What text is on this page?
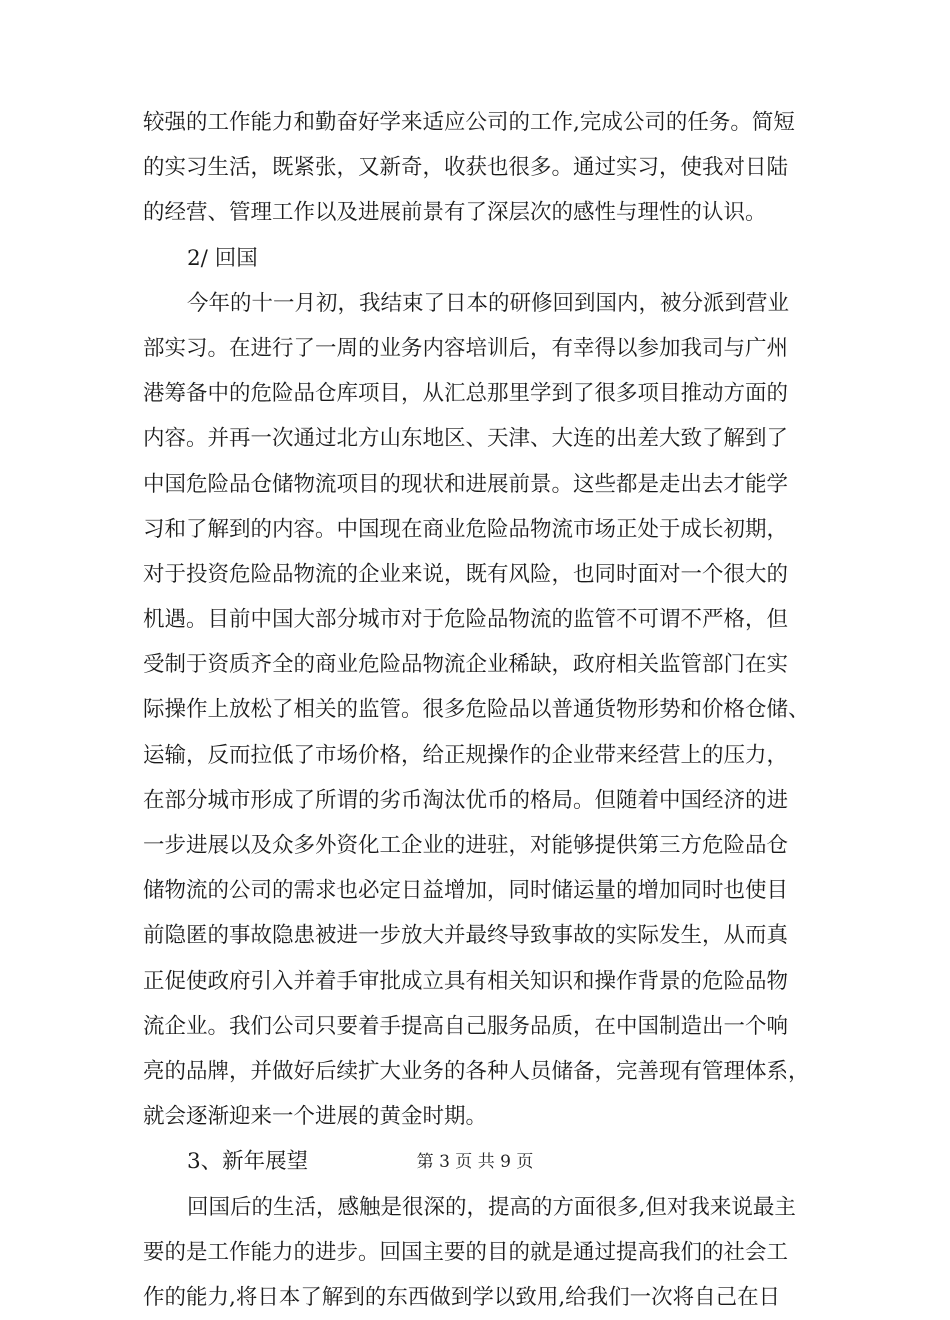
较强的工作能力和勤奋好学来适应公司的工作,完成公司的任务。简短
的实习生活，既紧张，又新奇，收获也很多。通过实习，使我对日陆
的经营、管理工作以及进展前景有了深层次的感性与理性的认识。
2/ 回国
今年的十一月初，我结束了日本的研修回到国内，被分派到营业
部实习。在进行了一周的业务内容培训后，有幸得以参加我司与广州
港筹备中的危险品仓库项目，从汇总那里学到了很多项目推动方面的
内容。并再一次通过北方山东地区、天津、大连的出差大致了解到了
中国危险品仓储物流项目的现状和进展前景。这些都是走出去才能学
习和了解到的内容。中国现在商业危险品物流市场正处于成长初期，
对于投资危险品物流的企业来说，既有风险，也同时面对一个很大的
机遇。目前中国大部分城市对于危险品物流的监管不可谓不严格，但
受制于资质齐全的商业危险品物流企业稀缺，政府相关监管部门在实
际操作上放松了相关的监管。很多危险品以普通货物形势和价格仓储、
运输，反而拉低了市场价格，给正规操作的企业带来经营上的压力，
在部分城市形成了所谓的劣币淘汰优币的格局。但随着中国经济的进
一步进展以及众多外资化工企业的进驻，对能够提供第三方危险品仓
储物流的公司的需求也必定日益增加，同时储运量的增加同时也使目
前隐匿的事故隐患被进一步放大并最终导致事故的实际发生，从而真
正促使政府引入并着手审批成立具有相关知识和操作背景的危险品物
流企业。我们公司只要着手提高自己服务品质，在中国制造出一个响
亮的品牌，并做好后续扩大业务的各种人员储备，完善现有管理体系，
就会逐渐迎来一个进展的黄金时期。
3、新年展望
回国后的生活，感触是很深的，提高的方面很多,但对我来说最主
要的是工作能力的进步。回国主要的目的就是通过提高我们的社会工
作的能力,将日本了解到的东西做到学以致用,给我们一次将自己在日
第 3 页 共 9 页
